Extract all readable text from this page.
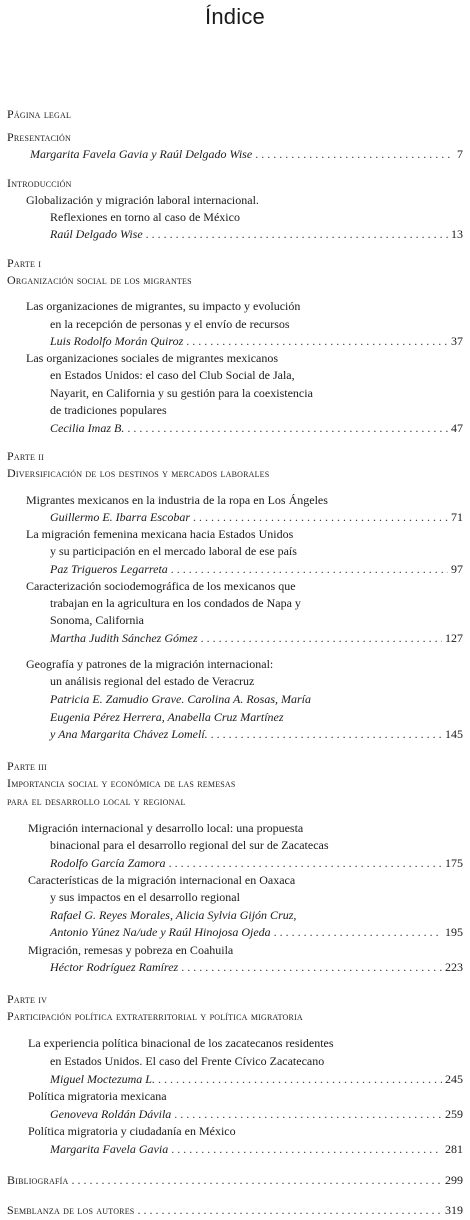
Índice
Página legal
Presentación
Margarita Favela Gavia y Raúl Delgado Wise . . .	7
Introducción
Globalización y migración laboral internacional.
Reflexiones en torno al caso de México
Raúl Delgado Wise . . .	13
Parte i
Organización social de los migrantes
Las organizaciones de migrantes, su impacto y evolución
en la recepción de personas y el envío de recursos
Luis Rodolfo Morán Quiroz . . .	37
Las organizaciones sociales de migrantes mexicanos
en Estados Unidos: el caso del Club Social de Jala,
Nayarit, en California y su gestión para la coexistencia
de tradiciones populares
Cecilia Imaz B. . . .	47
Parte ii
Diversificación de los destinos y mercados laborales
Migrantes mexicanos en la industria de la ropa en Los Ángeles
Guillermo E. Ibarra Escobar . . .	71
La migración femenina mexicana hacia Estados Unidos
y su participación en el mercado laboral de ese país
Paz Trigueros Legarreta . . .	97
Caracterización sociodemográfica de los mexicanos que
trabajan en la agricultura en los condados de Napa y
Sonoma, California
Martha Judith Sánchez Gómez . . .	127
Geografía y patrones de la migración internacional:
un análisis regional del estado de Veracruz
Patricia E. Zamudio Grave. Carolina A. Rosas, María
Eugenia Pérez Herrera, Anabella Cruz Martínez
y Ana Margarita Chávez Lomelí. . . .	145
Parte iii
Importancia social y económica de las remesas
para el desarrollo local y regional
Migración internacional y desarrollo local: una propuesta
binacional para el desarrollo regional del sur de Zacatecas
Rodolfo García Zamora . . .	175
Características de la migración internacional en Oaxaca
y sus impactos en el desarrollo regional
Rafael G. Reyes Morales, Alicia Sylvia Gijón Cruz,
Antonio Yúnez Na/ude y Raúl Hinojosa Ojeda . . .	195
Migración, remesas y pobreza en Coahuila
Héctor Rodríguez Ramírez . . .	223
Parte iv
Participación política extraterritorial y política migratoria
La experiencia política binacional de los zacatecanos residentes
en Estados Unidos. El caso del Frente Cívico Zacatecano
Miguel Moctezuma L. . . .	245
Política migratoria mexicana
Genoveva Roldán Dávila . . .	259
Política migratoria y ciudadanía en México
Margarita Favela Gavia . . .	281
Bibliografía . . .	299
Semblanza de los autores . . .	319
